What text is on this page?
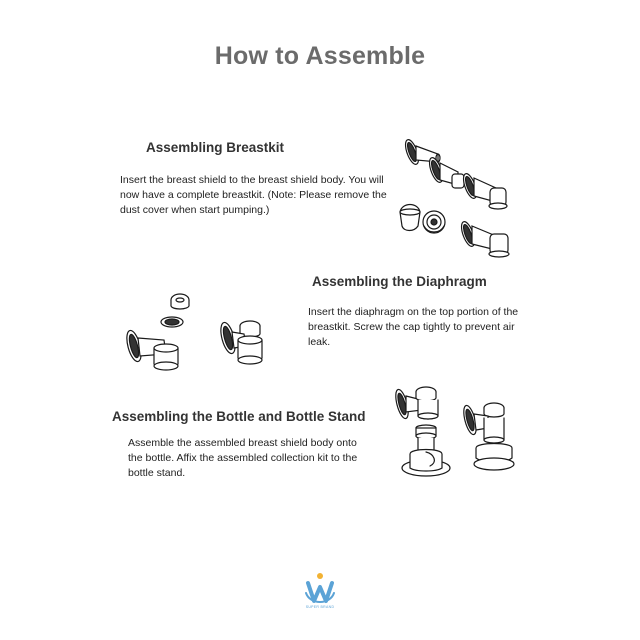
How to Assemble
Assembling Breastkit
Insert the breast shield to the breast shield body. You will now have a complete breastkit. (Note: Please remove the dust cover when start pumping.)
Assembling the Diaphragm
Insert the diaphragm on the top portion of the breastkit. Screw the cap tightly to prevent air leak.
Assembling the Bottle and Bottle Stand
Assemble the assembled breast shield body onto the bottle. Affix the assembled collection kit to the bottle stand.
SUPER BRAND
